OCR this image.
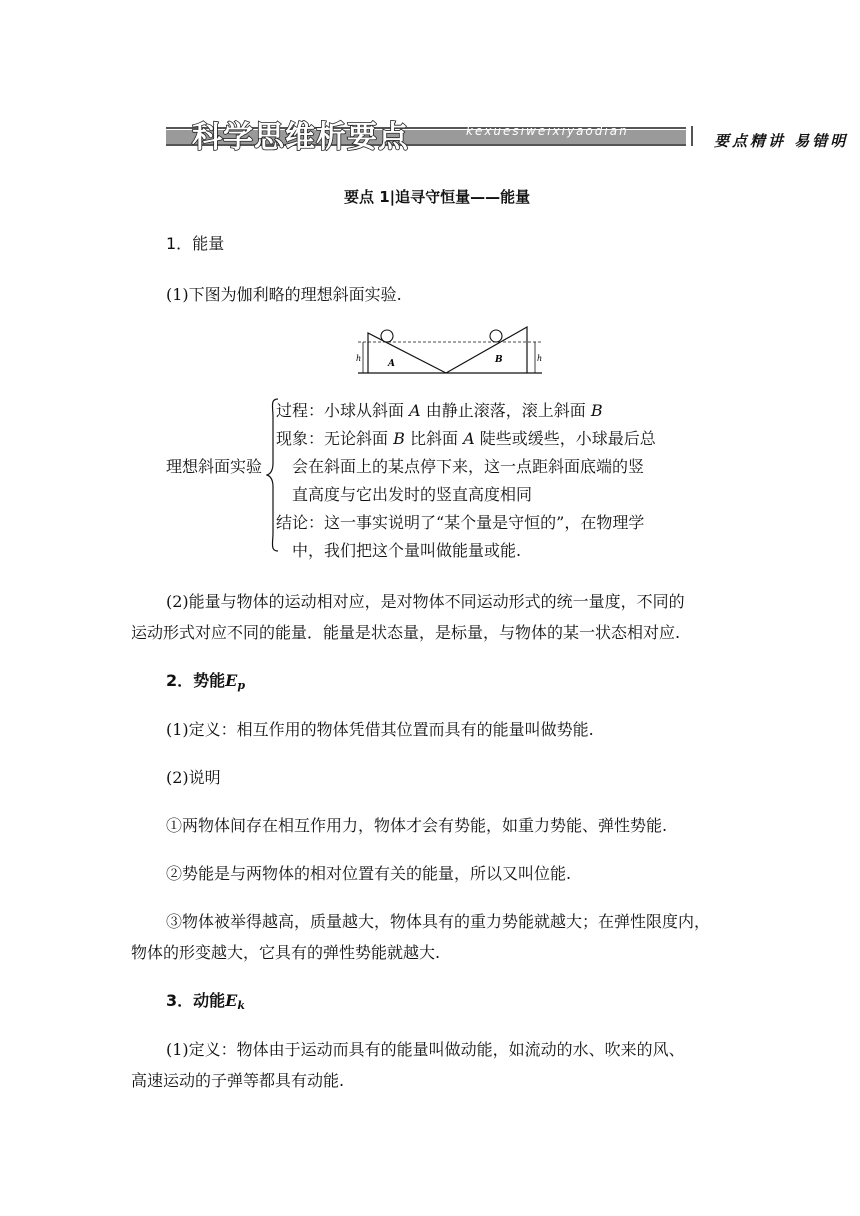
科学思维析要点	kexuesiweixiyaodian
要点精讲 易错明
要点 1|追寻守恒量——能量
1．能量
(1)下图为伽利略的理想斜面实验.
A	B
h	h
理想斜面实验
过程：小球从斜面 A 由静止滚落，滚上斜面 B
现象：无论斜面 B 比斜面 A 陡些或缓些，小球最后总
会在斜面上的某点停下来，这一点距斜面底端的竖
直高度与它出发时的竖直高度相同
结论：这一事实说明了“某个量是守恒的”，在物理学
中，我们把这个量叫做能量或能.
(2)能量与物体的运动相对应，是对物体不同运动形式的统一量度，不同的
运动形式对应不同的能量．能量是状态量，是标量，与物体的某一状态相对应.
2．势能$E_p$
(1)定义：相互作用的物体凭借其位置而具有的能量叫做势能.
(2)说明
①两物体间存在相互作用力，物体才会有势能，如重力势能、弹性势能.
②势能是与两物体的相对位置有关的能量，所以又叫位能.
③物体被举得越高，质量越大，物体具有的重力势能就越大；在弹性限度内，
物体的形变越大，它具有的弹性势能就越大.
3．动能$E_k$
(1)定义：物体由于运动而具有的能量叫做动能，如流动的水、吹来的风、
高速运动的子弹等都具有动能.
